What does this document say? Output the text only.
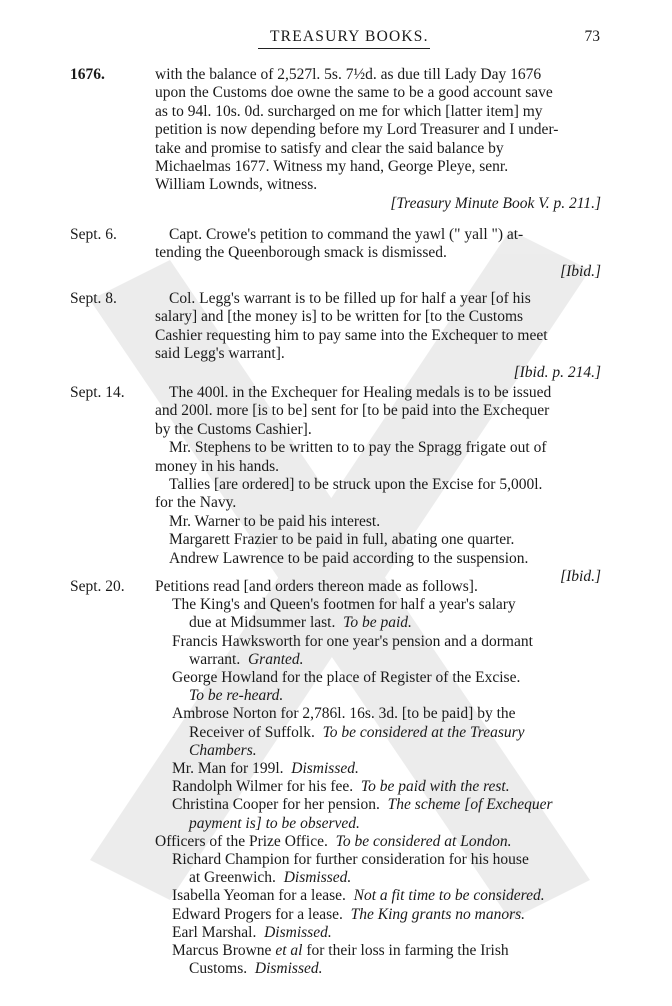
TREASURY BOOKS.	73
1676.	with the balance of 2,527l. 5s. 7½d. as due till Lady Day 1676
upon the Customs doe owne the same to be a good account save
as to 94l. 10s. 0d. surcharged on me for which [latter item] my
petition is now depending before my Lord Treasurer and I under-
take and promise to satisfy and clear the said balance by
Michaelmas 1677. Witness my hand, George Pleye, senr.
William Lownds, witness.
[Treasury Minute Book V. p. 211.]
Sept. 6.	Capt. Crowe's petition to command the yawl (" yall ") at-
tending the Queenborough smack is dismissed.
[Ibid.]
Sept. 8.	Col. Legg's warrant is to be filled up for half a year [of his
salary] and [the money is] to be written for [to the Customs
Cashier requesting him to pay same into the Exchequer to meet
said Legg's warrant].
[Ibid. p. 214.]
Sept. 14.	The 400l. in the Exchequer for Healing medals is to be issued
and 200l. more [is to be] sent for [to be paid into the Exchequer
by the Customs Cashier].
Mr. Stephens to be written to to pay the Spragg frigate out of
money in his hands.
Tallies [are ordered] to be struck upon the Excise for 5,000l.
for the Navy.
Mr. Warner to be paid his interest.
Margarett Frazier to be paid in full, abating one quarter.
Andrew Lawrence to be paid according to the suspension.
[Ibid.]
Sept. 20. Petitions read [and orders thereon made as follows].
The King's and Queen's footmen for half a year's salary
due at Midsummer last. To be paid.
Francis Hawksworth for one year's pension and a dormant
warrant. Granted.
George Howland for the place of Register of the Excise.
To be re-heard.
Ambrose Norton for 2,786l. 16s. 3d. [to be paid] by the
Receiver of Suffolk. To be considered at the Treasury
Chambers.
Mr. Man for 199l. Dismissed.
Randolph Wilmer for his fee. To be paid with the rest.
Christina Cooper for her pension. The scheme [of Exchequer
payment is] to be observed.
Officers of the Prize Office. To be considered at London.
Richard Champion for further consideration for his house
at Greenwich. Dismissed.
Isabella Yeoman for a lease. Not a fit time to be considered.
Edward Progers for a lease. The King grants no manors.
Earl Marshal. Dismissed.
Marcus Browne et al for their loss in farming the Irish
Customs. Dismissed.
